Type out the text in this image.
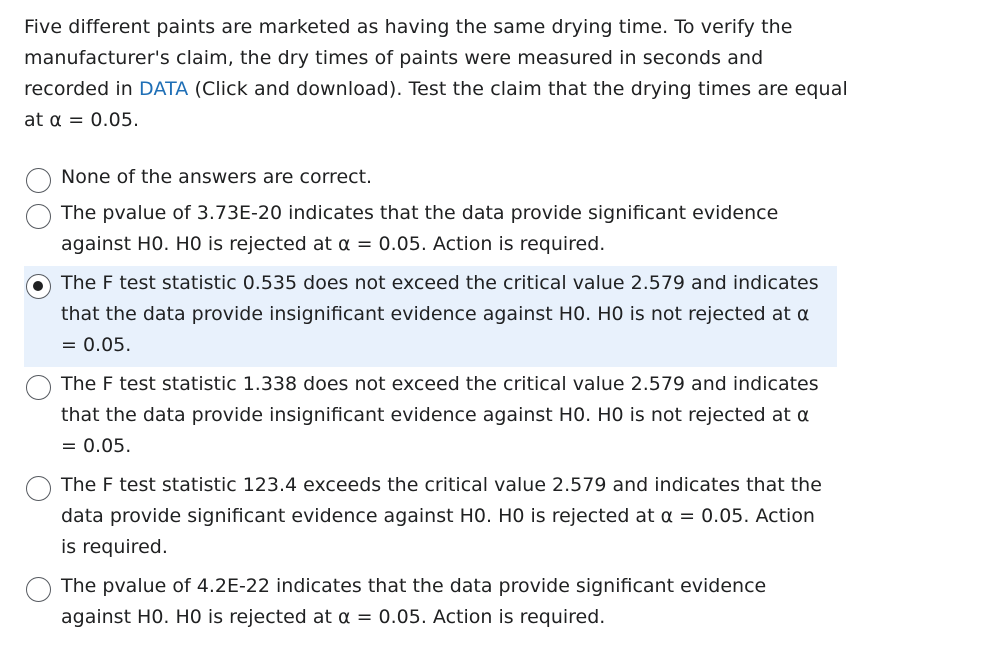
Five different paints are marketed as having the same drying time. To verify the manufacturer's claim, the dry times of paints were measured in seconds and recorded in DATA (Click and download). Test the claim that the drying times are equal at α = 0.05.
None of the answers are correct.
The pvalue of 3.73E-20 indicates that the data provide significant evidence against H0. H0 is rejected at α = 0.05. Action is required.
The F test statistic 0.535 does not exceed the critical value 2.579 and indicates that the data provide insignificant evidence against H0. H0 is not rejected at α = 0.05.
The F test statistic 1.338 does not exceed the critical value 2.579 and indicates that the data provide insignificant evidence against H0. H0 is not rejected at α = 0.05.
The F test statistic 123.4 exceeds the critical value 2.579 and indicates that the data provide significant evidence against H0. H0 is rejected at α = 0.05. Action is required.
The pvalue of 4.2E-22 indicates that the data provide significant evidence against H0. H0 is rejected at α = 0.05. Action is required.
